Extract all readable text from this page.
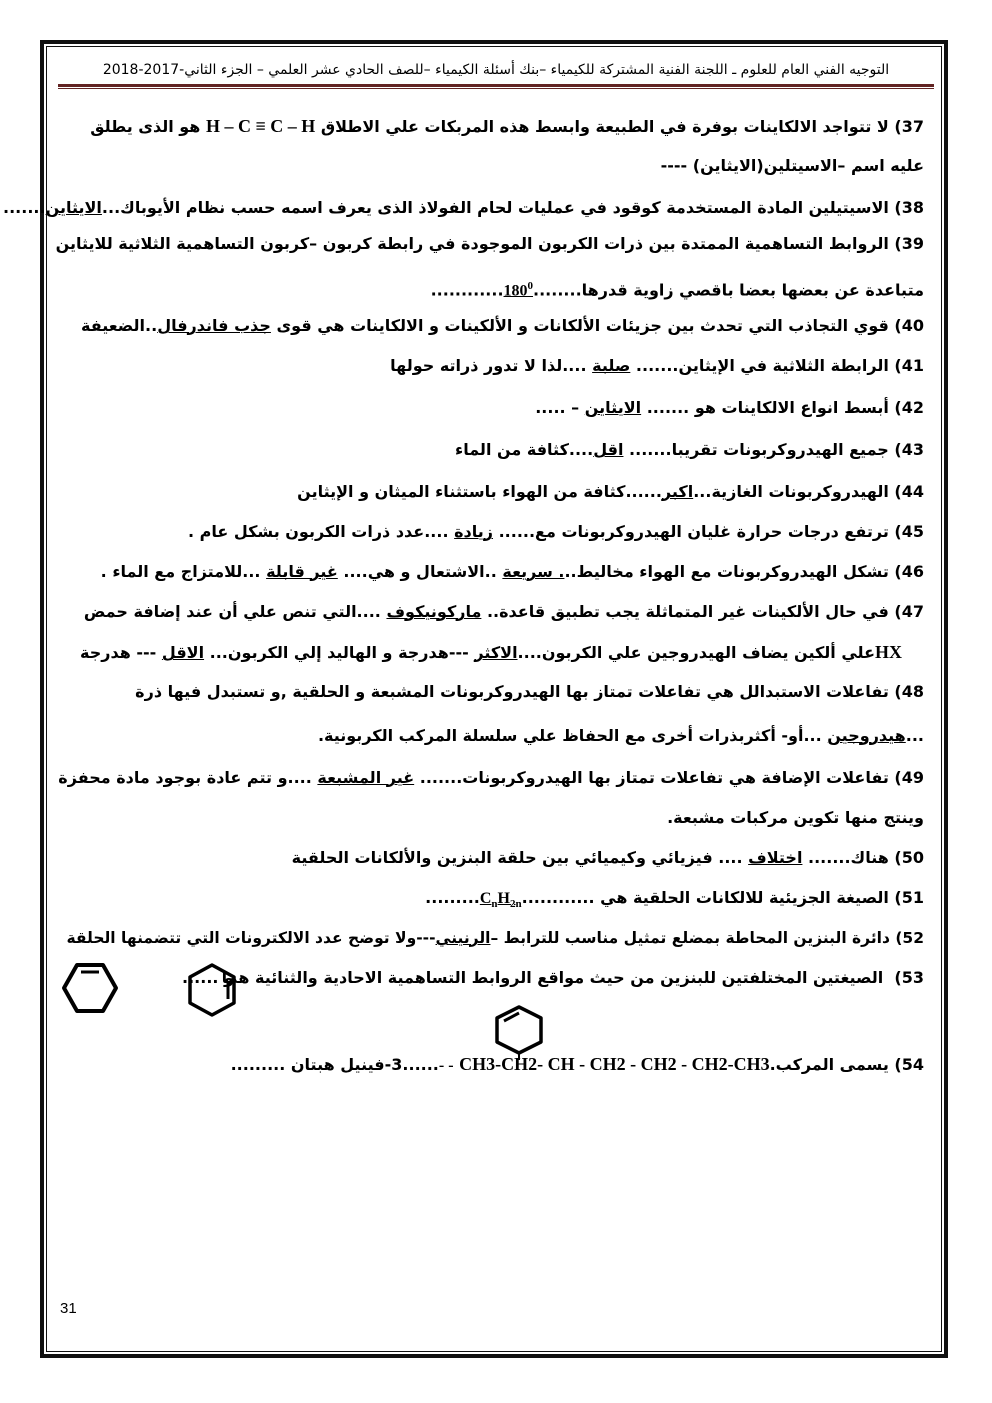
التوجيه الفني العام للعلوم ـ اللجنة الفنية المشتركة للكيمياء –بنك أسئلة الكيمياء –للصف الحادي عشر العلمي – الجزء الثاني-2017-2018
37) لا تتواجد الالكاينات بوفرة في الطبيعة وابسط هذه المربكات علي الاطلاق H – C ≡ C – H هو الذى يطلق
عليه اسم –الاسيتلين(الايثاين) ----
38) الاسيتيلين المادة المستخدمة كوقود في عمليات لحام الفولاذ الذى يعرف اسمه حسب نظام الأيوباك...الايثاين.......
39) الروابط التساهمية الممتدة بين ذرات الكربون الموجودة في رابطة كربون –كربون التساهمية الثلاثية للايثاين
متباعدة عن بعضها بعضا باقصي زاوية قدرها........180$^0$............
40) قوي التجاذب التي تحدث بين جزيئات الألكانات و الألكينات و الالكاينات هي قوى جذب فاندرفال..الضعيفة
41) الرابطة الثلاثية في الإيثاين....... صلبة ....لذا لا تدور ذراته حولها
42) أبسط انواع الالكاينات هو ....... الايثاين – .....
43) جميع الهيدروكربونات تقريبا....... اقل....كثافة من الماء
44) الهيدروكربونات الغازية...اكبر......كثافة من الهواء باستثناء الميثان و الإيثاين
45) ترتفع درجات حرارة غليان الهيدروكربونات مع...... زيادة ....عدد ذرات الكربون بشكل عام .
46) تشكل الهيدروكربونات مع الهواء مخاليط... سريعة ..الاشتعال و هي.... غير قابلة ...للامتزاج مع الماء .
47) في حال الألكينات غير المتماثلة يجب تطبيق قاعدة.. ماركونيكوف ....التي تنص علي أن عند إضافة حمض
HXعلي ألكين يضاف الهيدروجين علي الكربون....الاكثر ---هدرجة و الهاليد إلي الكربون... الاقل --- هدرجة
48) تفاعلات الاستبدالل هي تفاعلات تمتاز بها الهيدروكربونات المشبعة و الحلقية ,و تستبدل فيها ذرة
...هيدروجين ...أو- أكثربذرات أخرى مع الحفاظ علي سلسلة المركب الكربونية.
49) تفاعلات الإضافة هي تفاعلات تمتاز بها الهيدروكربونات....... غير المشبعة ....و تتم عادة بوجود مادة محفزة
وينتج منها تكوين مركبات مشبعة.
50) هناك....... اختلاف .... فيزيائي وكيميائي بين حلقة البنزين والألكانات الحلقية
51) الصيغة الجزيئية للالكانات الحلقية هي $............C_nH_{2n}$.........
52) دائرة البنزين المحاطة بمضلع تمثيل مناسب للترابط –الرنيني---ولا توضح عدد الالكترونات التي تتضمنها الحلقة
53)  الصيغتين المختلفتين للبنزين من حيث مواقع الروابط التساهمية الاحادية والثنائية هما
و ......
54) يسمى المركب.CH3-CH2- CH - CH2 - CH2 - CH2-CH3 - -......3-فينيل هبتان .........
31
